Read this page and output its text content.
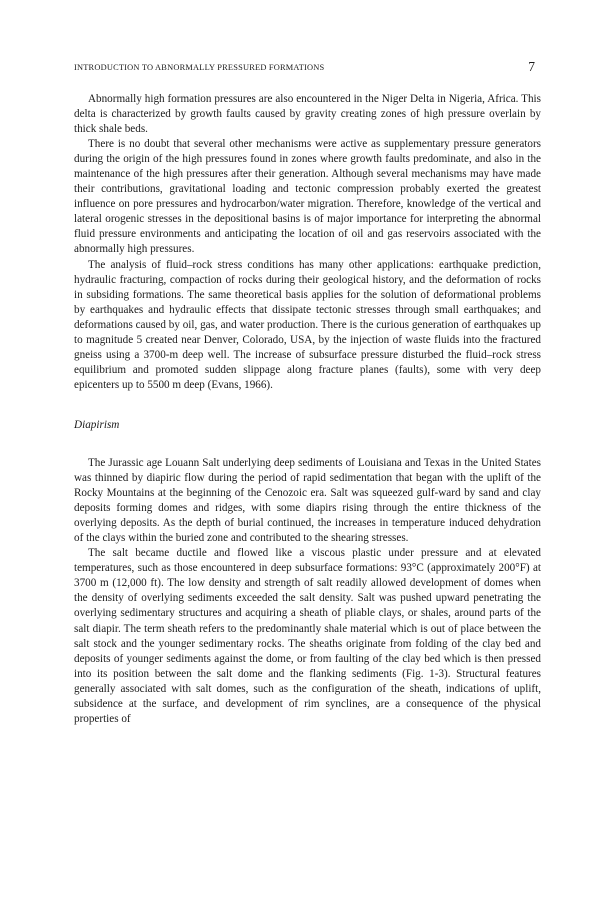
INTRODUCTION TO ABNORMALLY PRESSURED FORMATIONS	7

Abnormally high formation pressures are also encountered in the Niger Delta in Nigeria, Africa. This delta is characterized by growth faults caused by gravity creating zones of high pressure overlain by thick shale beds.

There is no doubt that several other mechanisms were active as supplementary pressure generators during the origin of the high pressures found in zones where growth faults predominate, and also in the maintenance of the high pressures after their generation. Although several mechanisms may have made their contributions, gravitational loading and tectonic compression probably exerted the greatest influence on pore pressures and hydrocarbon/water migration. Therefore, knowledge of the vertical and lateral orogenic stresses in the depositional basins is of major importance for interpreting the abnormal fluid pressure environments and anticipating the location of oil and gas reservoirs associated with the abnormally high pressures.

The analysis of fluid–rock stress conditions has many other applications: earthquake prediction, hydraulic fracturing, compaction of rocks during their geological history, and the deformation of rocks in subsiding formations. The same theoretical basis applies for the solution of deformational problems by earthquakes and hydraulic effects that dissipate tectonic stresses through small earthquakes; and deformations caused by oil, gas, and water production. There is the curious generation of earthquakes up to magnitude 5 created near Denver, Colorado, USA, by the injection of waste fluids into the fractured gneiss using a 3700-m deep well. The increase of subsurface pressure disturbed the fluid–rock stress equilibrium and promoted sudden slippage along fracture planes (faults), some with very deep epicenters up to 5500 m deep (Evans, 1966).

Diapirism

The Jurassic age Louann Salt underlying deep sediments of Louisiana and Texas in the United States was thinned by diapiric flow during the period of rapid sedimentation that began with the uplift of the Rocky Mountains at the beginning of the Cenozoic era. Salt was squeezed gulf-ward by sand and clay deposits forming domes and ridges, with some diapirs rising through the entire thickness of the overlying deposits. As the depth of burial continued, the increases in temperature induced dehydration of the clays within the buried zone and contributed to the shearing stresses.

The salt became ductile and flowed like a viscous plastic under pressure and at elevated temperatures, such as those encountered in deep subsurface formations: 93°C (approximately 200°F) at 3700 m (12,000 ft). The low density and strength of salt readily allowed development of domes when the density of overlying sediments exceeded the salt density. Salt was pushed upward penetrating the overlying sedimentary structures and acquiring a sheath of pliable clays, or shales, around parts of the salt diapir. The term sheath refers to the predominantly shale material which is out of place between the salt stock and the younger sedimentary rocks. The sheaths originate from folding of the clay bed and deposits of younger sediments against the dome, or from faulting of the clay bed which is then pressed into its position between the salt dome and the flanking sediments (Fig. 1-3). Structural features generally associated with salt domes, such as the configuration of the sheath, indications of uplift, subsidence at the surface, and development of rim synclines, are a consequence of the physical properties of
